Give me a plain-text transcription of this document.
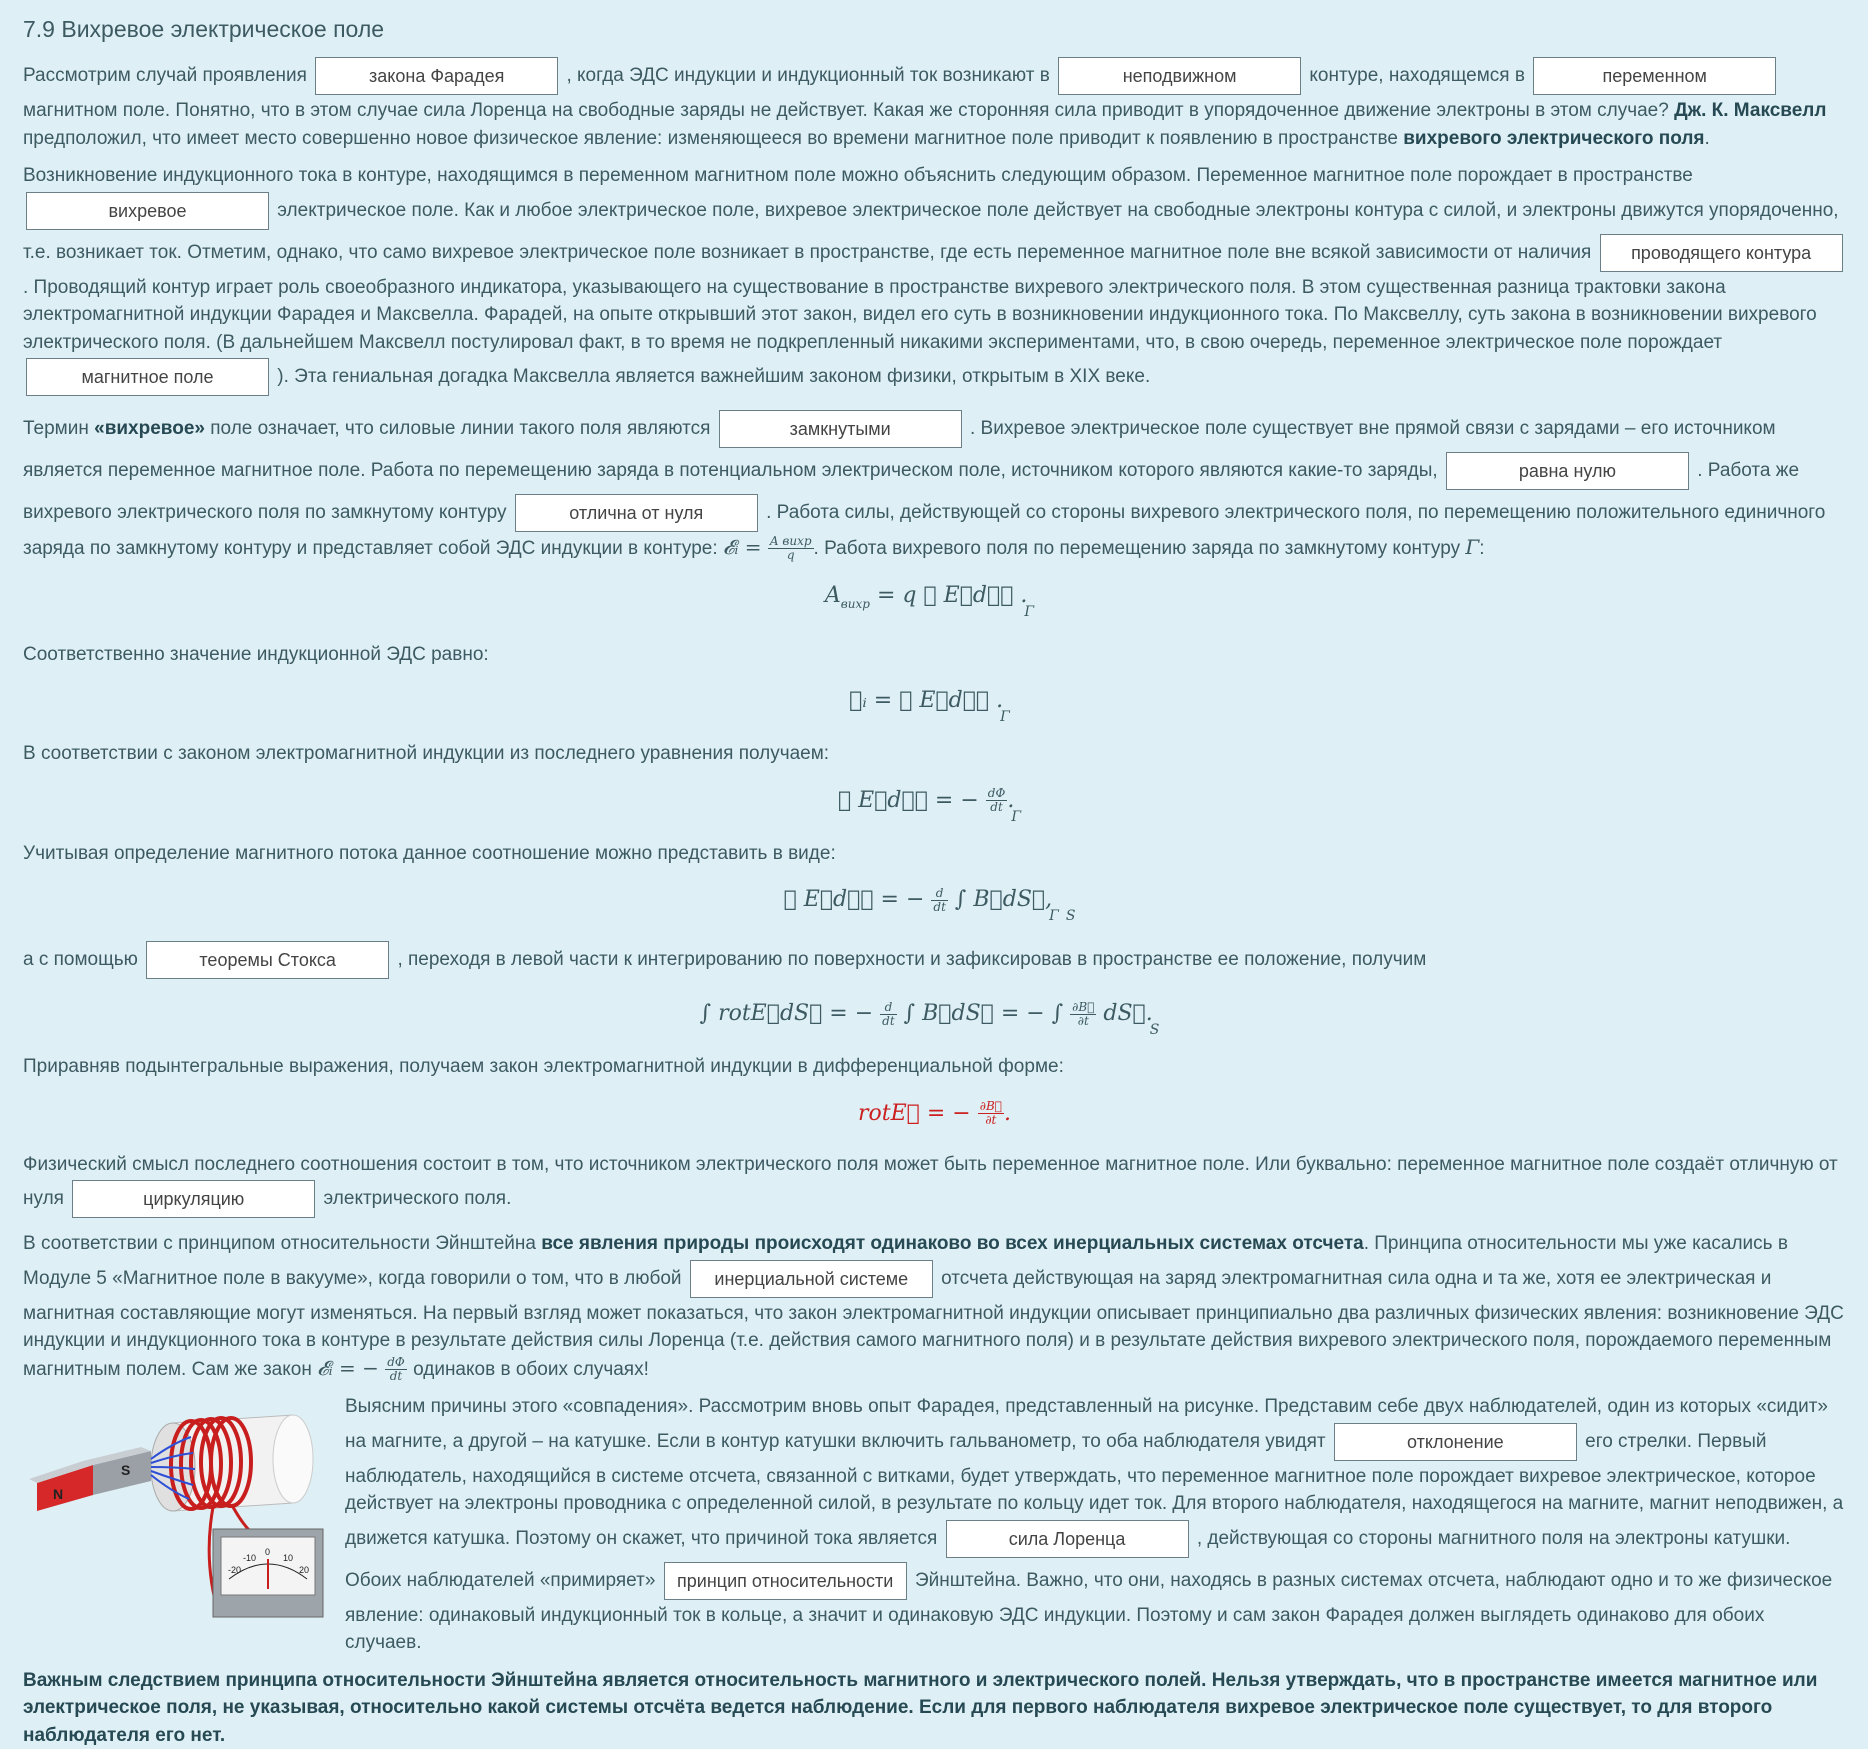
7.9 Вихревое электрическое поле

Рассмотрим случай проявления	закона Фарадея	, когда ЭДС индукции и индукционный ток возникают в	неподвижном	контуре, находящемся в	переменном магнитном поле. Понятно, что в этом случае сила Лоренца на свободные заряды не действует. Какая же сторонняя сила приводит в упорядоченное движение электроны в этом случае? Дж. К. Максвелл предположил, что имеет место совершенно новое физическое явление: изменяющееся во времени магнитное поле приводит к появлению в пространстве вихревого электрического поля.

Возникновение индукционного тока в контуре, находящимся в переменном магнитном поле можно объяснить следующим образом. Переменное магнитное поле порождает в пространстве вихревое	электрическое поле. Как и любое электрическое поле, вихревое электрическое поле действует на свободные электроны контура с силой, и электроны движутся упорядоченно, т.е. возникает ток. Отметим, однако, что само вихревое электрическое поле возникает в пространстве, где есть переменное магнитное поле вне всякой зависимости от наличия проводящего контура . Проводящий контур играет роль своеобразного индикатора, указывающего на существование в пространстве вихревого электрического поля. В этом существенная разница трактовки закона электромагнитной индукции Фарадея и Максвелла. Фарадей, на опыте открывший этот закон, видел его суть в возникновении индукционного тока. По Максвеллу, суть закона в возникновении вихревого электрического поля. (В дальнейшем Максвелл постулировал факт, в то время не подкрепленный никакими экспериментами, что, в свою очередь, переменное электрическое поле порождает магнитное поле	). Эта гениальная догадка Максвелла является важнейшим законом физики, открытым в XIX веке.

Термин «вихревое» поле означает, что силовые линии такого поля являются	замкнутыми	. Вихревое электрическое поле существует вне прямой связи с зарядами – его источником является переменное магнитное поле. Работа по перемещению заряда в потенциальном электрическом поле, источником которого являются какие-то заряды,	равна нулю	. Работа же вихревого электрического поля по замкнутому контуру	отлична от нуля	. Работа силы, действующей со стороны вихревого электрического поля, по перемещению положительного единичного заряда по замкнутому контуру и представляет собой ЭДС индукции в контуре: 𝓔ᵢ = $\frac{\text{A вихр}}{q}$ . Работа вихревого поля по перемещению заряда по замкнутому контуру Γ:

$A_{вихр} = q$ ∮ E⃗dℓ⃗ . $_\Gamma$

Соответственно значение индукционной ЭДС равно:

𝓔ᵢ = ∮ E⃗dℓ⃗ . $_\Gamma$

В соответствии с законом электромагнитной индукции из последнего уравнения получаем:

∮ E⃗dℓ⃗ = − $\frac{d\Phi}{dt}$ . $_\Gamma$

Учитывая определение магнитного потока данное соотношение можно представить в виде:

∮ E⃗dℓ⃗ = − $\frac{d}{dt}$ ∫ B⃗dS⃗, $_\Gamma$ $_S$

а с помощью	теоремы Стокса	, переходя в левой части к интегрированию по поверхности и зафиксировав в пространстве ее положение, получим

∫ rotE⃗dS⃗ = − $\frac{d}{dt}$ ∫ B⃗dS⃗ = − ∫ $\frac{\partial B⃗}{\partial t}$ dS⃗. $_S$

Приравняв подынтегральные выражения, получаем закон электромагнитной индукции в дифференциальной форме:

rotE⃗ = − $\frac{\partial B⃗}{\partial t}$ .

Физический смысл последнего соотношения состоит в том, что источником электрического поля может быть переменное магнитное поле. Или буквально: переменное магнитное поле создаёт отличную от нуля	циркуляцию	электрического поля.

В соответствии с принципом относительности Эйнштейна все явления природы происходят одинаково во всех инерциальных системах отсчета. Принципа относительности мы уже касались в Модуле 5 «Магнитное поле в вакууме», когда говорили о том, что в любой инерциальной системе отсчета действующая на заряд электромагнитная сила одна и та же, хотя ее электрическая и магнитная составляющие могут изменяться. На первый взгляд может показаться, что закон электромагнитной индукции описывает принципиально два различных физических явления: возникновение ЭДС индукции и индукционного тока в контуре в результате действия силы Лоренца (т.е. действия самого магнитного поля) и в результате действия вихревого электрического поля, порождаемого переменным магнитным полем. Сам же закон 𝓔ᵢ = − $\frac{d\Phi}{dt}$ одинаков в обоих случаях!

N
S
-20
-10
0
10
20

Выясним причины этого «совпадения». Рассмотрим вновь опыт Фарадея, представленный на рисунке. Представим себе двух наблюдателей, один из которых «сидит» на магните, а другой – на катушке. Если в контур катушки включить гальванометр, то оба наблюдателя увидят	отклонение	его стрелки. Первый наблюдатель, находящийся в системе отсчета, связанной с витками, будет утверждать, что переменное магнитное поле порождает вихревое электрическое, которое действует на электроны проводника с определенной силой, в результате по кольцу идет ток. Для второго наблюдателя, находящегося на магните, магнит неподвижен, а движется катушка. Поэтому он скажет, что причиной тока является	сила Лоренца	, действующая со стороны магнитного поля на электроны катушки. Обоих наблюдателей «примиряет» принцип относительности Эйнштейна. Важно, что они, находясь в разных системах отсчета, наблюдают одно и то же физическое явление: одинаковый индукционный ток в кольце, а значит и одинаковую ЭДС индукции. Поэтому и сам закон Фарадея должен выглядеть одинаково для обоих случаев.

Важным следствием принципа относительности Эйнштейна является относительность магнитного и электрического полей. Нельзя утверждать, что в пространстве имеется магнитное или электрическое поля, не указывая, относительно какой системы отсчёта ведется наблюдение. Если для первого наблюдателя вихревое электрическое поле существует, то для второго наблюдателя его нет.
